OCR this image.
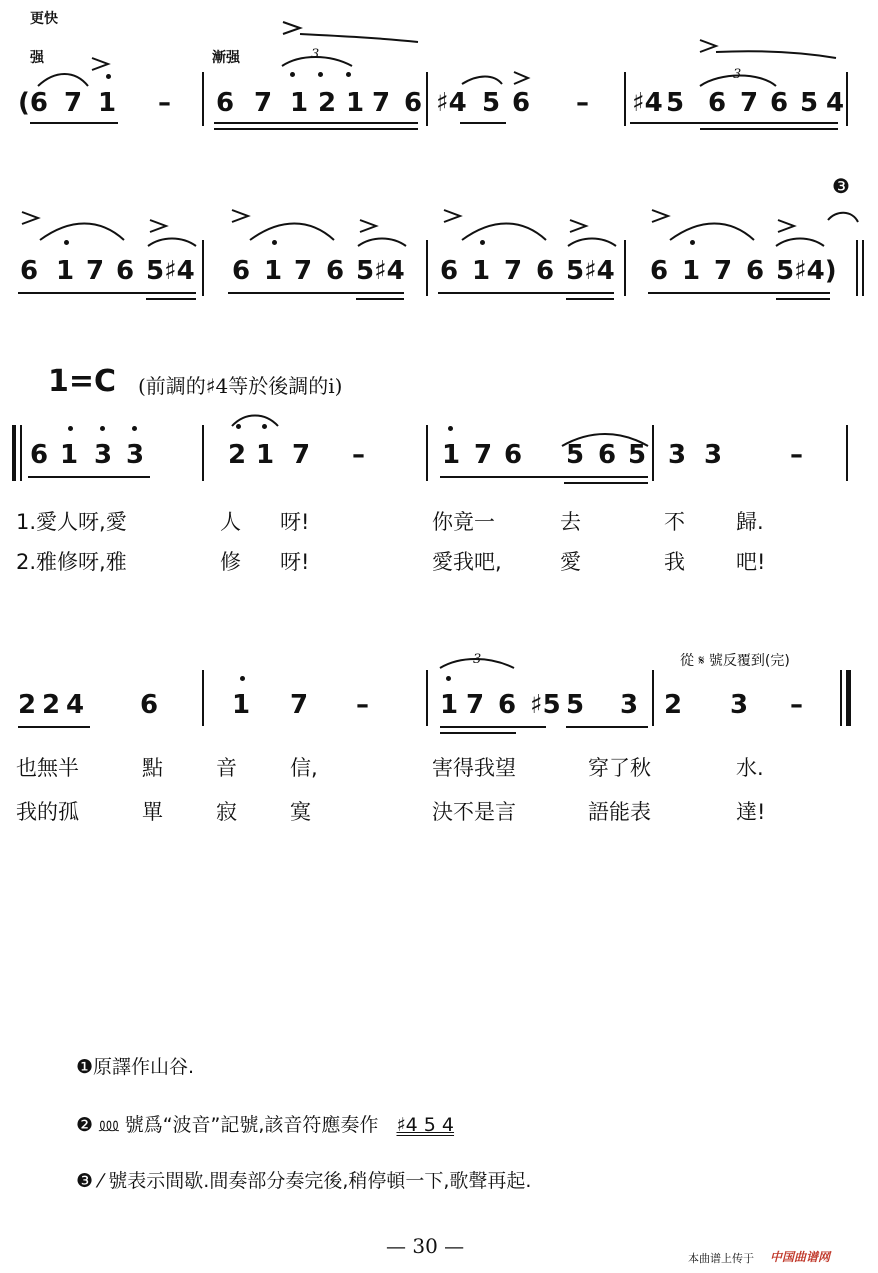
更快
强	漸强	3
3
3
(6 7 1 – 6 7 1 2 1 7 6 ♯4 5 6 – ♯4 5 6 7 6 5 4
6 1 7 6 5♯4 6 1 7 6 5♯4 6 1 7 6 5♯4 6 1 7 6 5♯4)
❸
1=C (前調的♯4等於後調的i)
6 1 3 3	2 1 7 –	1 7 6 5 6 5 3 3	–
1.愛人呀,愛	人 呀!	你竟一	去	不 歸.
2.雅修呀,雅	修 呀!	愛我吧,	愛	我 吧!
從 𝄋 號反覆到(完)
2 2 4 6	1 7 –	1 7 6 ♯5 5 3 2 3 –
也無半	點	音	信,	害得我望	穿了秋	水.
我的孤	單	寂	寞	決不是言	語能表	達!
❶原譯作山谷.
❷ ⅏ 號爲“波音”記號,該音符應奏作 ♯4 5 4
❸ ⁄ 號表示間歇.間奏部分奏完後,稍停頓一下,歌聲再起.
— 30 —
本曲谱上传于 中国曲谱网
